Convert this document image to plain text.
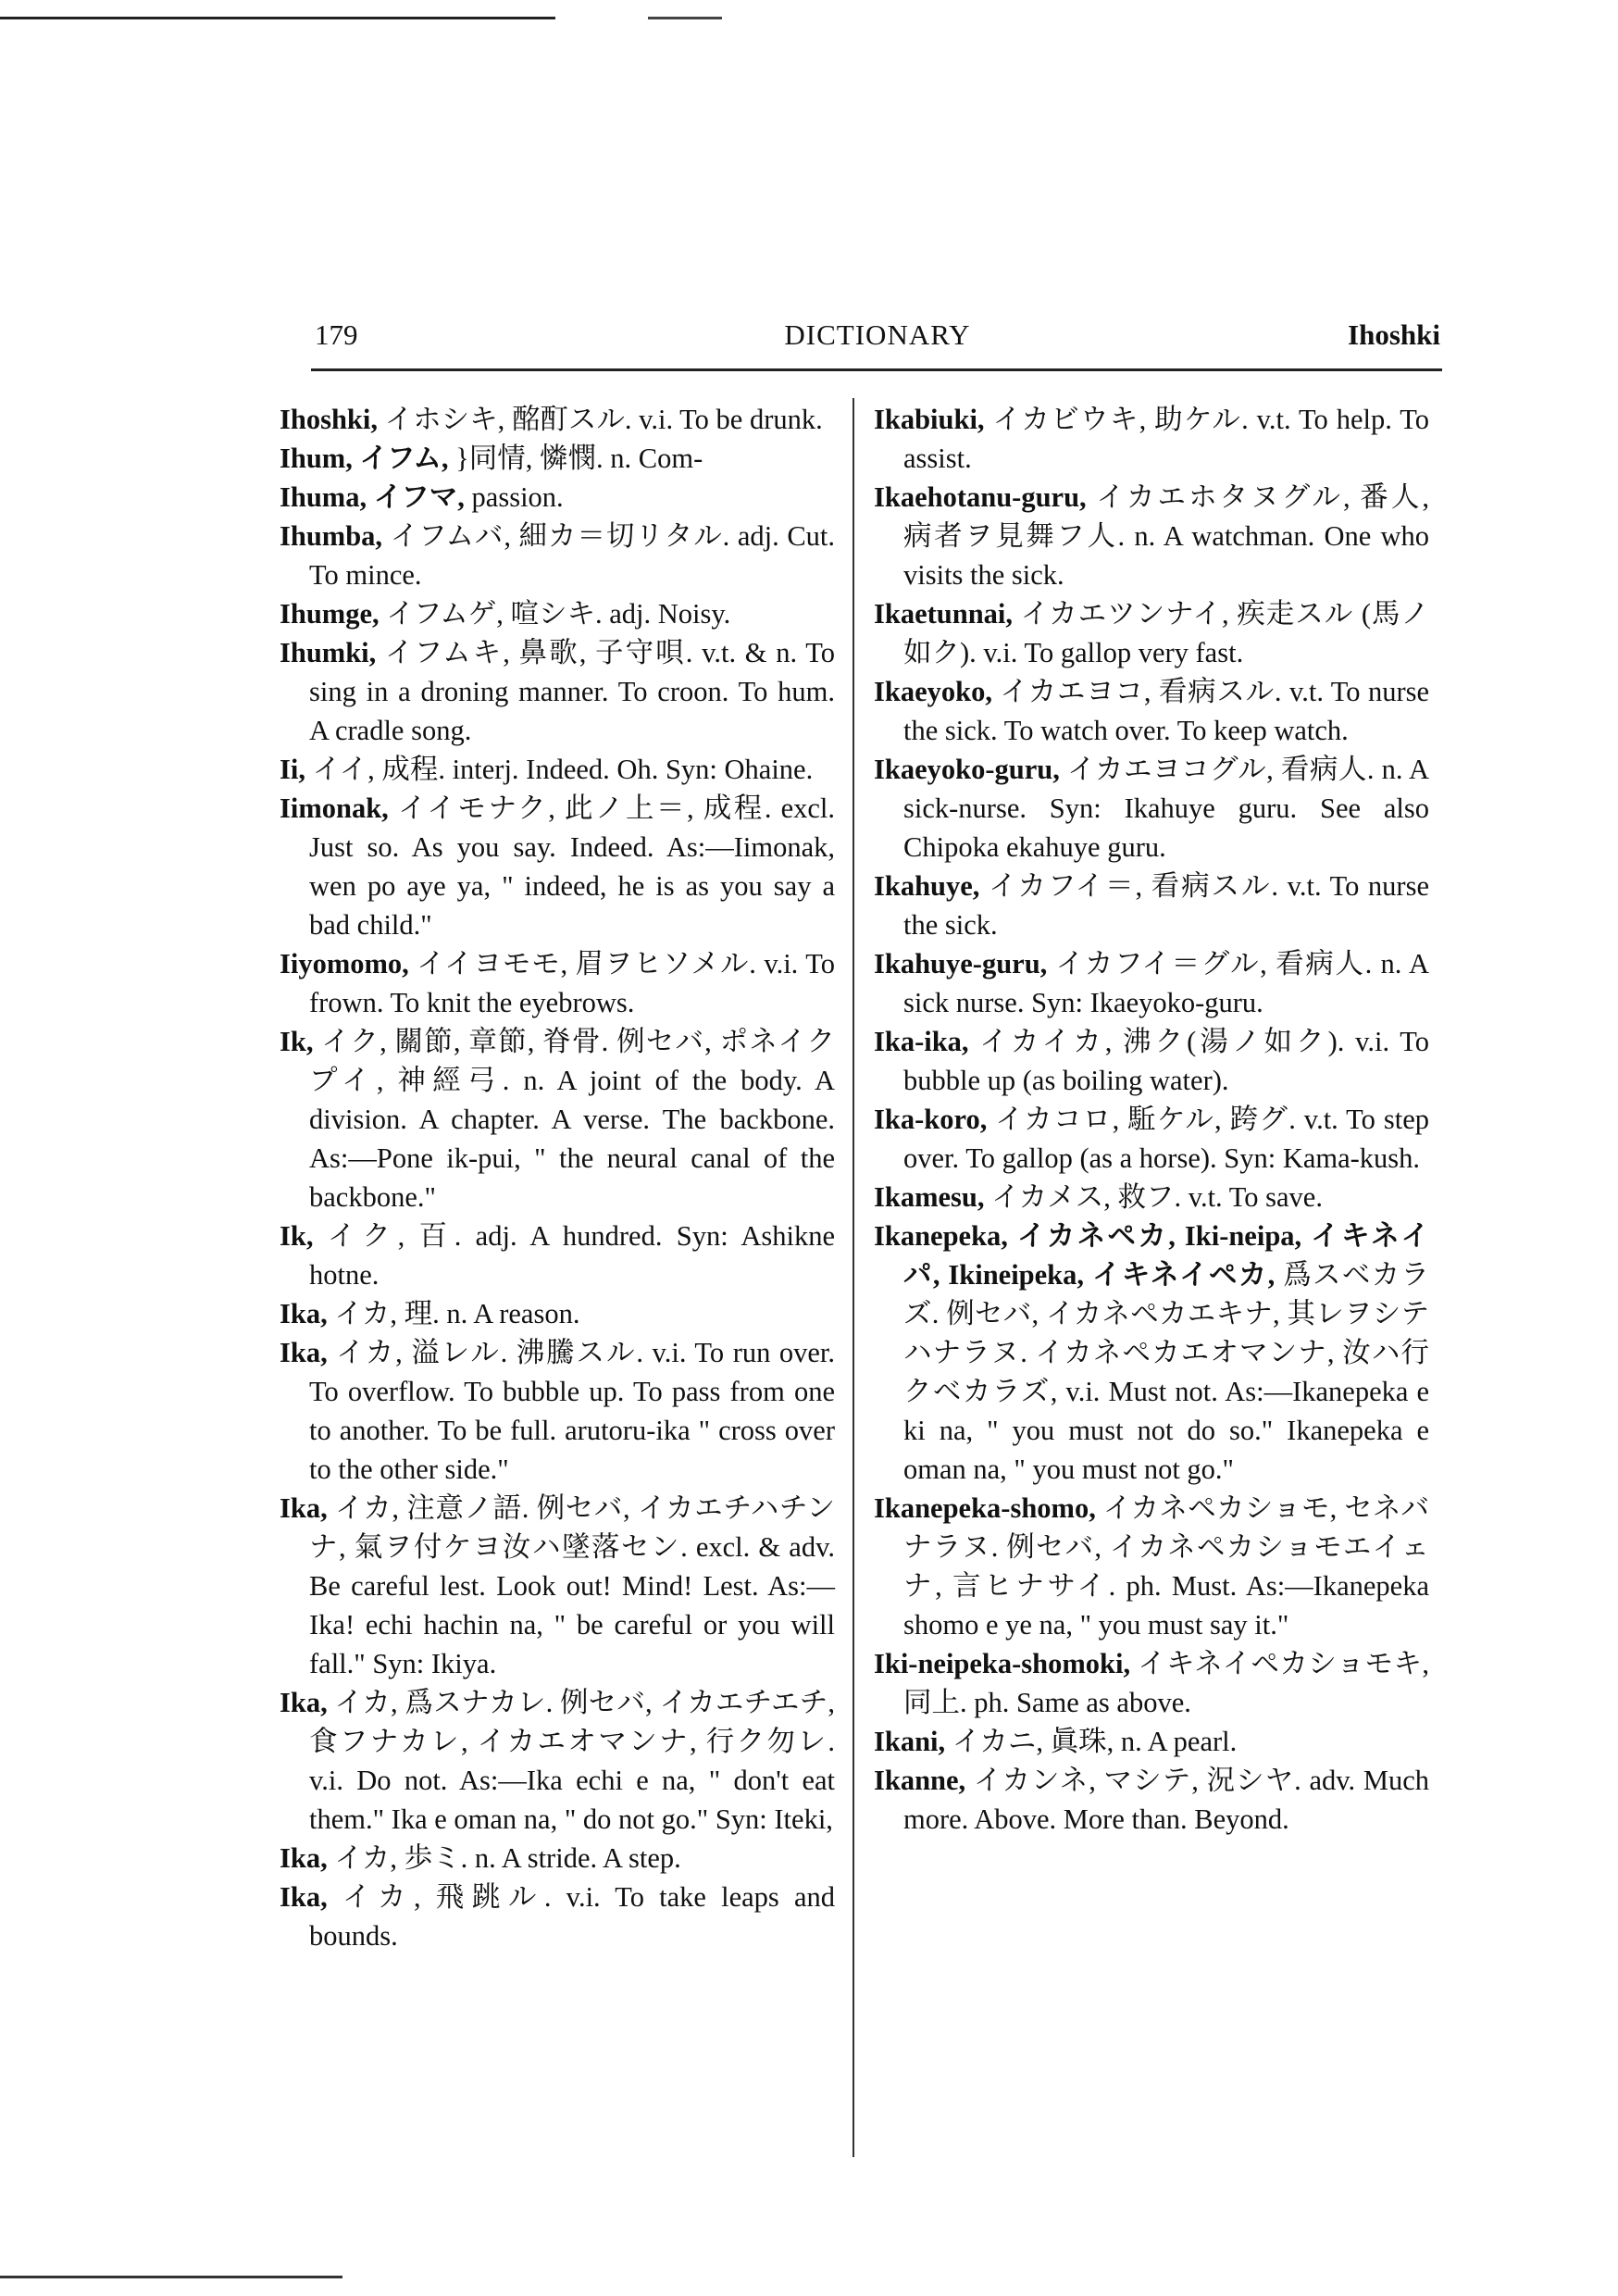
179	DICTIONARY	Ihoshki

Ihoshki, イホシキ, 酩酊スル. v.i. To be drunk.

Ihum, イフム, }同情, 憐憫. n. Com-

Ihuma, イフマ, passion.

Ihumba, イフムバ, 細カ＝切リタル. adj. Cut. To mince.

Ihumge, イフムゲ, 喧シキ. adj. Noisy.

Ihumki, イフムキ, 鼻歌, 子守唄. v.t. & n. To sing in a droning manner. To croon. To hum. A cradle song.

Ii, イイ, 成程. interj. Indeed. Oh. Syn: Ohaine.

Iimonak, イイモナク, 此ノ上＝, 成程. excl. Just so. As you say. Indeed. As:—Iimonak, wen po aye ya, " indeed, he is as you say a bad child."

Iiyomomo, イイヨモモ, 眉ヲヒソメル. v.i. To frown. To knit the eyebrows.

Ik, イク, 關節, 章節, 脊骨. 例セバ, ポネイクプイ, 神經弓. n. A joint of the body. A division. A chapter. A verse. The backbone. As:—Pone ik-pui, " the neural canal of the backbone."

Ik, イク, 百. adj. A hundred. Syn: Ashikne hotne.

Ika, イカ, 理. n. A reason.

Ika, イカ, 溢レル. 沸騰スル. v.i. To run over. To overflow. To bubble up. To pass from one to another. To be full. arutoru-ika " cross over to the other side."

Ika, イカ, 注意ノ語. 例セバ, イカエチハチンナ, 氣ヲ付ケヨ汝ハ墜落セン. excl. & adv. Be careful lest. Look out! Mind! Lest. As:—Ika! echi hachin na, " be careful or you will fall." Syn: Ikiya.

Ika, イカ, 爲スナカレ. 例セバ, イカエチエチ, 食フナカレ, イカエオマンナ, 行ク勿レ. v.i. Do not. As:—Ika echi e na, " don't eat them." Ika e oman na, " do not go." Syn: Iteki,

Ika, イカ, 歩ミ. n. A stride. A step.

Ika, イカ, 飛跳ル. v.i. To take leaps and bounds.

Ikabiuki, イカビウキ, 助ケル. v.t. To help. To assist.

Ikaehotanu-guru, イカエホタヌグル, 番人, 病者ヲ見舞フ人. n. A watchman. One who visits the sick.

Ikaetunnai, イカエツンナイ, 疾走スル (馬ノ如ク). v.i. To gallop very fast.

Ikaeyoko, イカエヨコ, 看病スル. v.t. To nurse the sick. To watch over. To keep watch.

Ikaeyoko-guru, イカエヨコグル, 看病人. n. A sick-nurse. Syn: Ikahuye guru. See also Chipoka ekahuye guru.

Ikahuye, イカフイ＝, 看病スル. v.t. To nurse the sick.

Ikahuye-guru, イカフイ＝グル, 看病人. n. A sick nurse. Syn: Ikaeyoko-guru.

Ika-ika, イカイカ, 沸ク(湯ノ如ク). v.i. To bubble up (as boiling water).

Ika-koro, イカコロ, 駈ケル, 跨グ. v.t. To step over. To gallop (as a horse). Syn: Kama-kush.

Ikamesu, イカメス, 救フ. v.t. To save.

Ikanepeka, イカネペカ, Iki-neipa, イキネイパ, Ikineipeka, イキネイペカ, 爲スベカラズ. 例セバ, イカネペカエキナ, 其レヲシテハナラヌ. イカネペカエオマンナ, 汝ハ行クベカラズ, v.i. Must not. As:—Ikanepeka e ki na, " you must not do so." Ikanepeka e oman na, " you must not go."

Ikanepeka-shomo, イカネペカショモ, セネバナラヌ. 例セバ, イカネペカショモエイェナ, 言ヒナサイ. ph. Must. As:—Ikanepeka shomo e ye na, " you must say it."

Iki-neipeka-shomoki, イキネイペカショモキ, 同上. ph. Same as above.

Ikani, イカニ, 眞珠, n. A pearl.

Ikanne, イカンネ, マシテ, 況シヤ. adv. Much more. Above. More than. Beyond.
